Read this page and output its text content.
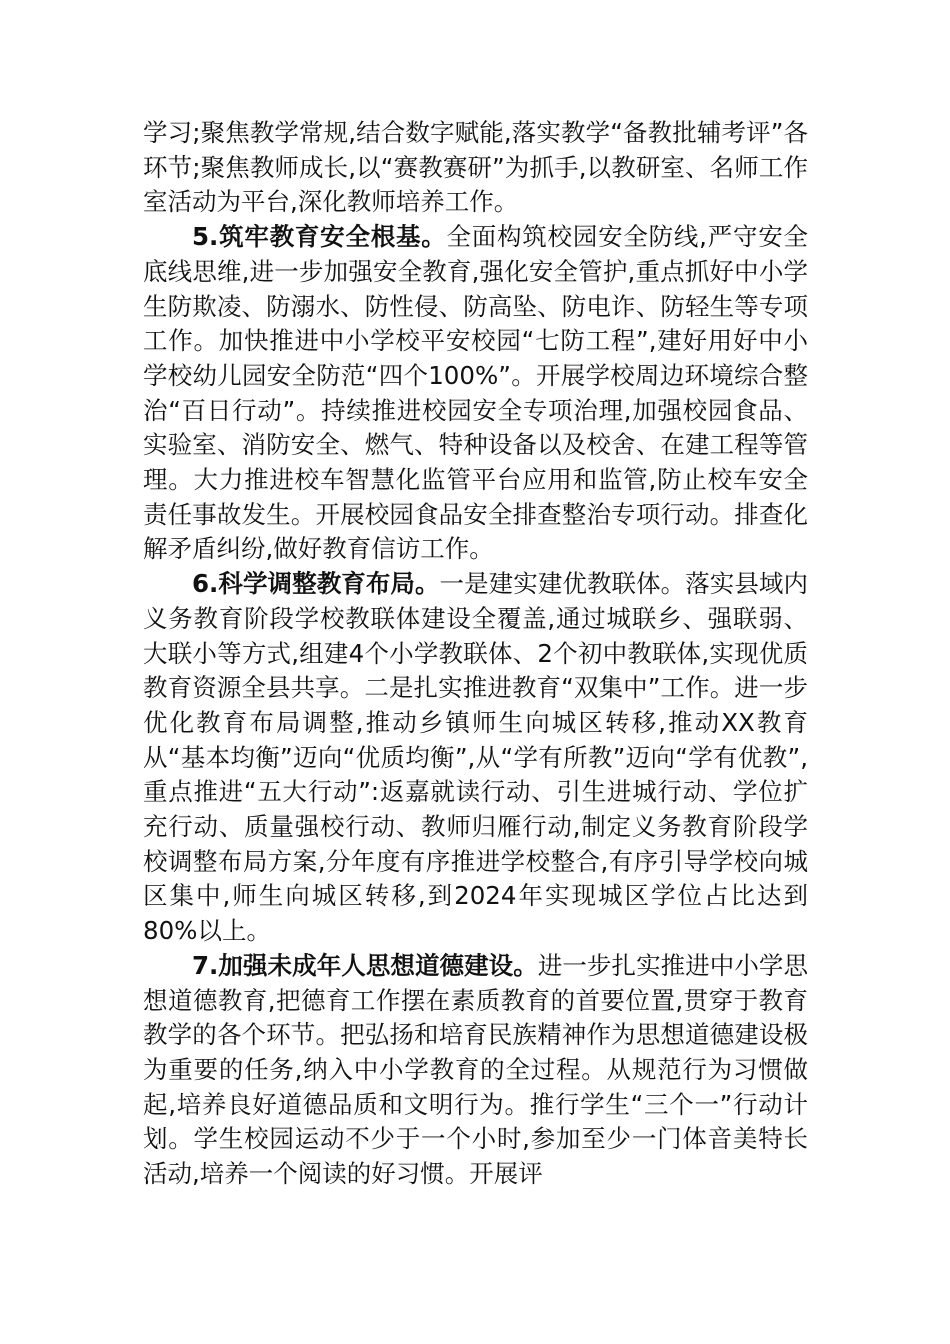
学习;聚焦教学常规,结合数字赋能,落实教学“备教批辅考评”各环节;聚焦教师成长,以“赛教赛研”为抓手,以教研室、名师工作室活动为平台,深化教师培养工作。

5.筑牢教育安全根基。全面构筑校园安全防线,严守安全底线思维,进一步加强安全教育,强化安全管护,重点抓好中小学生防欺凌、防溺水、防性侵、防高坠、防电诈、防轻生等专项工作。加快推进中小学校平安校园“七防工程”,建好用好中小学校幼儿园安全防范“四个100%”。开展学校周边环境综合整治“百日行动”。持续推进校园安全专项治理,加强校园食品、实验室、消防安全、燃气、特种设备以及校舍、在建工程等管理。大力推进校车智慧化监管平台应用和监管,防止校车安全责任事故发生。开展校园食品安全排查整治专项行动。排查化解矛盾纠纷,做好教育信访工作。

6.科学调整教育布局。一是建实建优教联体。落实县域内义务教育阶段学校教联体建设全覆盖,通过城联乡、强联弱、大联小等方式,组建4个小学教联体、2个初中教联体,实现优质教育资源全县共享。二是扎实推进教育“双集中”工作。进一步优化教育布局调整,推动乡镇师生向城区转移,推动XX教育从“基本均衡”迈向“优质均衡”,从“学有所教”迈向“学有优教”,重点推进“五大行动”:返嘉就读行动、引生进城行动、学位扩充行动、质量强校行动、教师归雁行动,制定义务教育阶段学校调整布局方案,分年度有序推进学校整合,有序引导学校向城区集中,师生向城区转移,到2024年实现城区学位占比达到80%以上。

7.加强未成年人思想道德建设。进一步扎实推进中小学思想道德教育,把德育工作摆在素质教育的首要位置,贯穿于教育教学的各个环节。把弘扬和培育民族精神作为思想道德建设极为重要的任务,纳入中小学教育的全过程。从规范行为习惯做起,培养良好道德品质和文明行为。推行学生“三个一”行动计划。学生校园运动不少于一个小时,参加至少一门体音美特长活动,培养一个阅读的好习惯。开展评
